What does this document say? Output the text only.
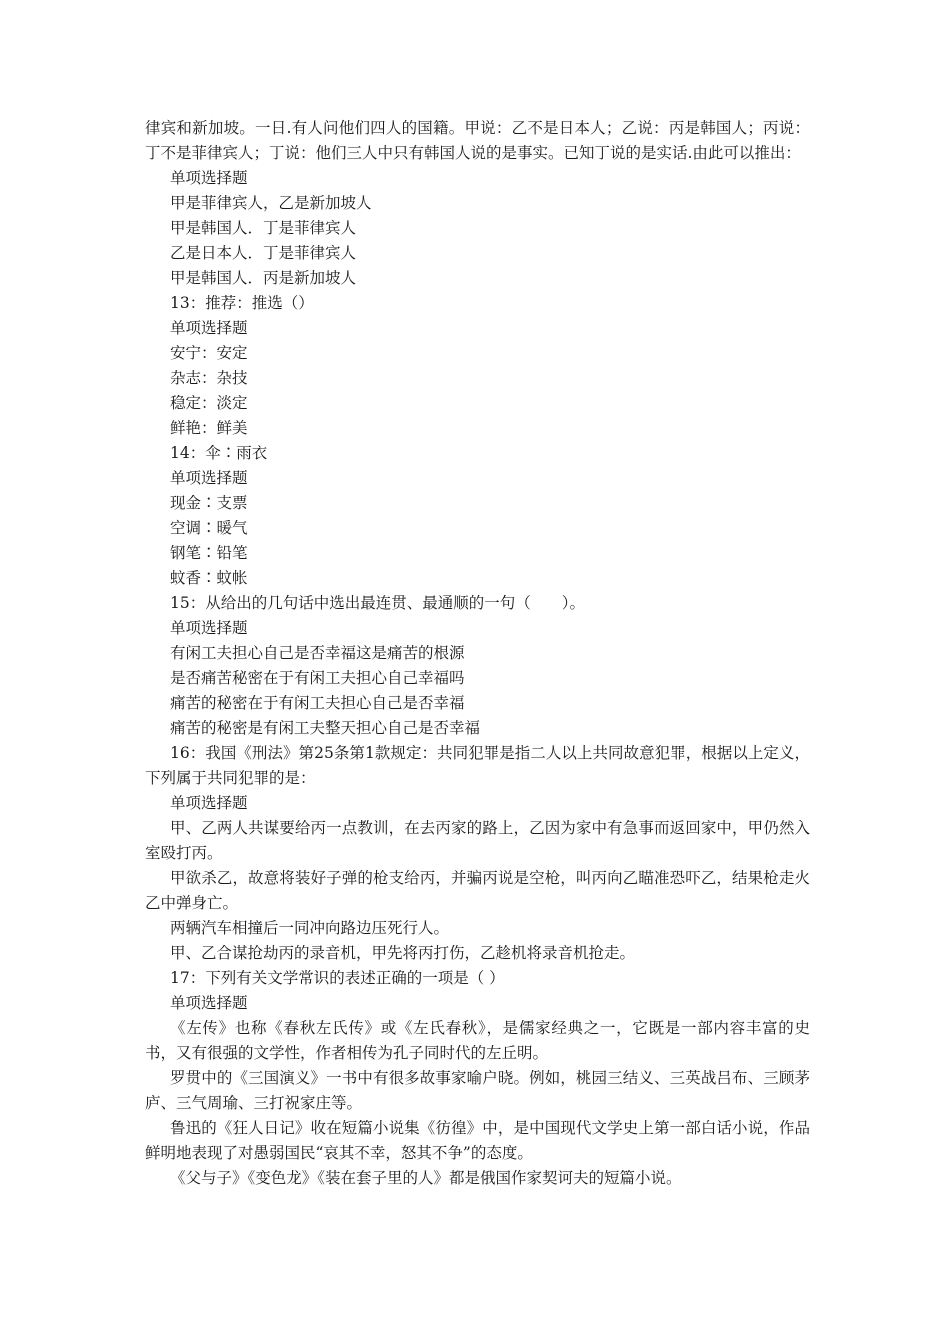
律宾和新加坡。一日.有人问他们四人的国籍。甲说：乙不是日本人；乙说：丙是韩国人；丙说：丁不是菲律宾人；丁说：他们三人中只有韩国人说的是事实。已知丁说的是实话.由此可以推出：

单项选择题

甲是菲律宾人，乙是新加坡人

甲是韩国人．丁是菲律宾人

乙是日本人．丁是菲律宾人

甲是韩国人．丙是新加坡人

13：推荐：推选（）

单项选择题

安宁：安定

杂志：杂技

稳定：淡定

鲜艳：鲜美

14：伞∶雨衣

单项选择题

现金∶支票

空调∶暖气

钢笔∶铅笔

蚊香∶蚊帐

15：从给出的几句话中选出最连贯、最通顺的一句（　　）。

单项选择题

有闲工夫担心自己是否幸福这是痛苦的根源

是否痛苦秘密在于有闲工夫担心自己幸福吗

痛苦的秘密在于有闲工夫担心自己是否幸福

痛苦的秘密是有闲工夫整天担心自己是否幸福

16：我国《刑法》第25条第1款规定：共同犯罪是指二人以上共同故意犯罪，根据以上定义，下列属于共同犯罪的是：

单项选择题

甲、乙两人共谋要给丙一点教训，在去丙家的路上，乙因为家中有急事而返回家中，甲仍然入室殴打丙。

甲欲杀乙，故意将装好子弹的枪支给丙，并骗丙说是空枪，叫丙向乙瞄准恐吓乙，结果枪走火乙中弹身亡。

两辆汽车相撞后一同冲向路边压死行人。

甲、乙合谋抢劫丙的录音机，甲先将丙打伤，乙趁机将录音机抢走。

17：下列有关文学常识的表述正确的一项是（ ）

单项选择题

《左传》也称《春秋左氏传》或《左氏春秋》，是儒家经典之一，它既是一部内容丰富的史书，又有很强的文学性，作者相传为孔子同时代的左丘明。

罗贯中的《三国演义》一书中有很多故事家喻户晓。例如，桃园三结义、三英战吕布、三顾茅庐、三气周瑜、三打祝家庄等。

鲁迅的《狂人日记》收在短篇小说集《彷徨》中，是中国现代文学史上第一部白话小说，作品鲜明地表现了对愚弱国民“哀其不幸，怒其不争”的态度。

《父与子》《变色龙》《装在套子里的人》都是俄国作家契诃夫的短篇小说。
